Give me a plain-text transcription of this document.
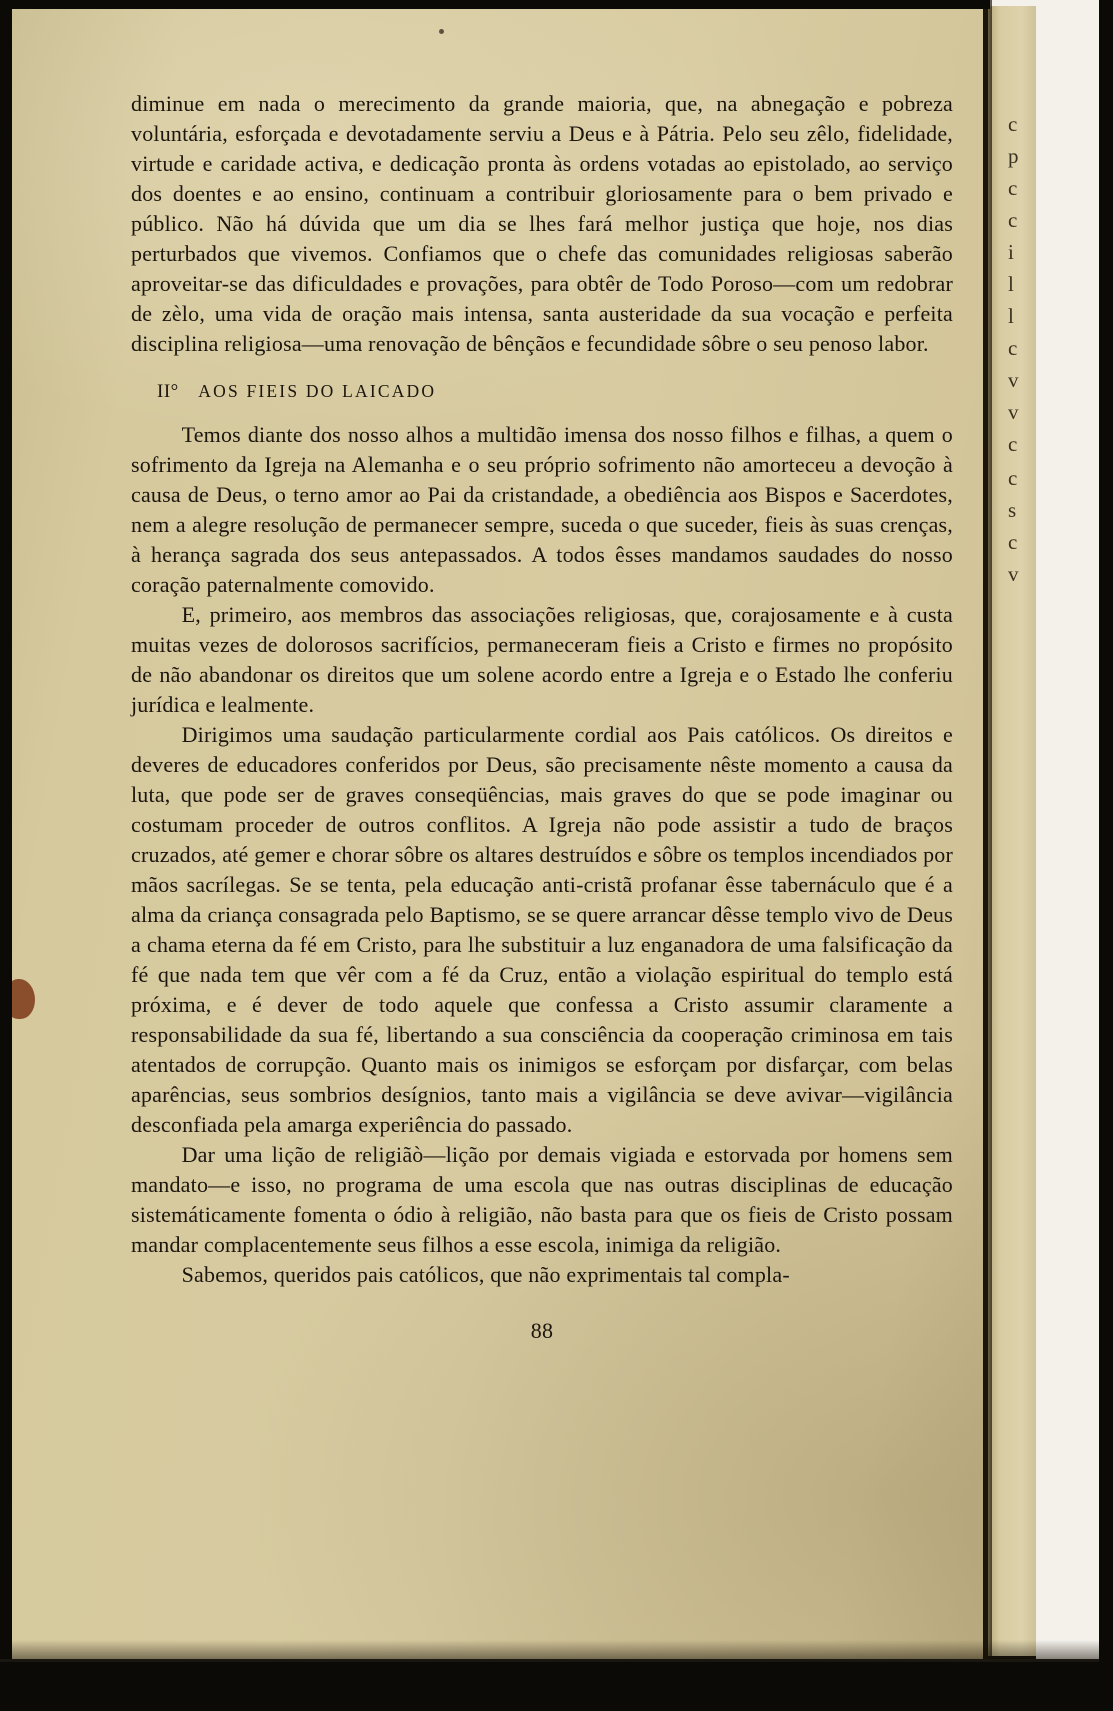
c
p
c
c
i
l
l
c
v
v
c
c
s
c
v

diminue em nada o merecimento da grande maioria, que, na abnegação e pobreza voluntária, esforçada e devotadamente serviu a Deus e à Pátria. Pelo seu zêlo, fidelidade, virtude e caridade activa, e dedicação pronta às ordens votadas ao epistolado, ao serviço dos doentes e ao ensino, continuam a contribuir gloriosamente para o bem privado e público. Não há dúvida que um dia se lhes fará melhor justiça que hoje, nos dias perturbados que vivemos. Confiamos que o chefe das comunidades religiosas saberão aproveitar-se das dificuldades e provações, para obtêr de Todo Poroso—com um redobrar de zèlo, uma vida de oração mais intensa, santa austeridade da sua vocação e perfeita disciplina religiosa—uma renovação de bênçãos e fecundidade sôbre o seu penoso labor.

II° AOS FIEIS DO LAICADO

Temos diante dos nosso alhos a multidão imensa dos nosso filhos e filhas, a quem o sofrimento da Igreja na Alemanha e o seu próprio sofrimento não amorteceu a devoção à causa de Deus, o terno amor ao Pai da cristandade, a obediência aos Bispos e Sacerdotes, nem a alegre resolução de permanecer sempre, suceda o que suceder, fieis às suas crenças, à herança sagrada dos seus antepassados. A todos êsses mandamos saudades do nosso coração paternalmente comovido.

E, primeiro, aos membros das associações religiosas, que, corajosamente e à custa muitas vezes de dolorosos sacrifícios, permaneceram fieis a Cristo e firmes no propósito de não abandonar os direitos que um solene acordo entre a Igreja e o Estado lhe conferiu jurídica e lealmente.

Dirigimos uma saudação particularmente cordial aos Pais católicos. Os direitos e deveres de educadores conferidos por Deus, são precisamente nêste momento a causa da luta, que pode ser de graves conseqüências, mais graves do que se pode imaginar ou costumam proceder de outros conflitos. A Igreja não pode assistir a tudo de braços cruzados, até gemer e chorar sôbre os altares destruídos e sôbre os templos incendiados por mãos sacrílegas. Se se tenta, pela educação anti-cristã profanar êsse tabernáculo que é a alma da criança consagrada pelo Baptismo, se se quere arrancar dêsse templo vivo de Deus a chama eterna da fé em Cristo, para lhe substituir a luz enganadora de uma falsificação da fé que nada tem que vêr com a fé da Cruz, então a violação espiritual do templo está próxima, e é dever de todo aquele que confessa a Cristo assumir claramente a responsabilidade da sua fé, libertando a sua consciência da cooperação criminosa em tais atentados de corrupção. Quanto mais os inimigos se esforçam por disfarçar, com belas aparências, seus sombrios desígnios, tanto mais a vigilância se deve avivar—vigilância desconfiada pela amarga experiência do passado.

Dar uma lição de religiãò—lição por demais vigiada e estorvada por homens sem mandato—e isso, no programa de uma escola que nas outras disciplinas de educação sistemáticamente fomenta o ódio à religião, não basta para que os fieis de Cristo possam mandar complacentemente seus filhos a esse escola, inimiga da religião.

Sabemos, queridos pais católicos, que não exprimentais tal compla-

88
